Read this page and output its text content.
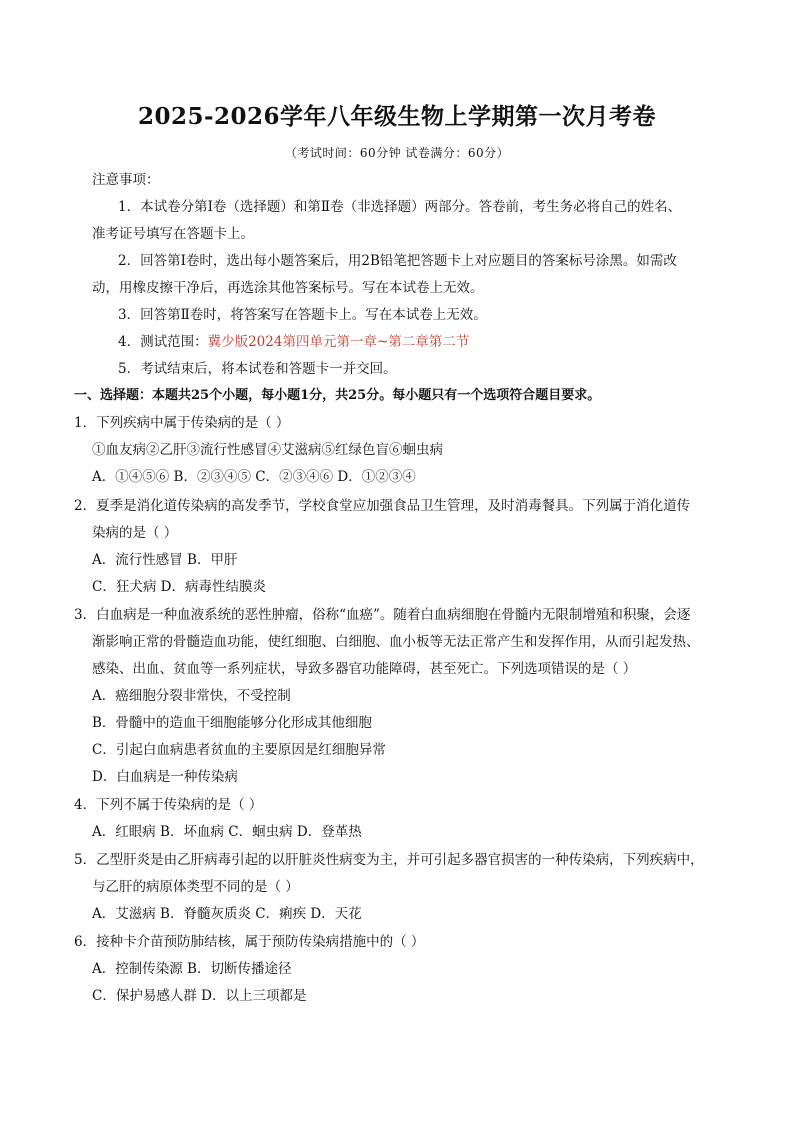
2025-2026学年八年级生物上学期第一次月考卷
（考试时间：60分钟 试卷满分：60分）
注意事项：
1．本试卷分第Ⅰ卷（选择题）和第Ⅱ卷（非选择题）两部分。答卷前，考生务必将自己的姓名、
准考证号填写在答题卡上。
2．回答第Ⅰ卷时，选出每小题答案后，用2B铅笔把答题卡上对应题目的答案标号涂黑。如需改
动，用橡皮擦干净后，再选涂其他答案标号。写在本试卷上无效。
3．回答第Ⅱ卷时，将答案写在答题卡上。写在本试卷上无效。
4．测试范围：冀少版2024第四单元第一章~第二章第二节
5．考试结束后，将本试卷和答题卡一并交回。
一、选择题：本题共25个小题，每小题1分，共25分。每小题只有一个选项符合题目要求。
1．下列疾病中属于传染病的是（ ）
①血友病②乙肝③流行性感冒④艾滋病⑤红绿色盲⑥蛔虫病
A．①④⑤⑥ B．②③④⑤ C．②③④⑥ D．①②③④
2．夏季是消化道传染病的高发季节，学校食堂应加强食品卫生管理，及时消毒餐具。下列属于消化道传
染病的是（ ）
A．流行性感冒 B．甲肝
C．狂犬病 D．病毒性结膜炎
3．白血病是一种血液系统的恶性肿瘤，俗称“血癌”。随着白血病细胞在骨髓内无限制增殖和积聚，会逐
渐影响正常的骨髓造血功能，使红细胞、白细胞、血小板等无法正常产生和发挥作用，从而引起发热、
感染、出血、贫血等一系列症状，导致多器官功能障碍，甚至死亡。下列选项错误的是（ ）
A．癌细胞分裂非常快，不受控制
B．骨髓中的造血干细胞能够分化形成其他细胞
C．引起白血病患者贫血的主要原因是红细胞异常
D．白血病是一种传染病
4．下列不属于传染病的是（ ）
A．红眼病 B．坏血病 C．蛔虫病 D．登革热
5．乙型肝炎是由乙肝病毒引起的以肝脏炎性病变为主，并可引起多器官损害的一种传染病，下列疾病中，
与乙肝的病原体类型不同的是（ ）
A．艾滋病 B．脊髓灰质炎 C．痢疾 D．天花
6．接种卡介苗预防肺结核，属于预防传染病措施中的（ ）
A．控制传染源 B．切断传播途径
C．保护易感人群 D．以上三项都是
